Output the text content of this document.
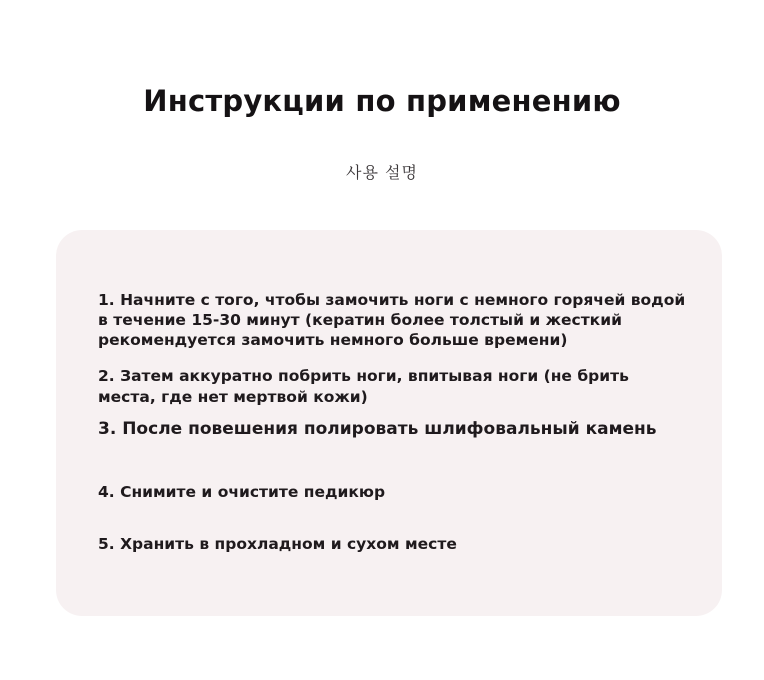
Инструкции по применению
사용 설명

1. Начните с того, чтобы замочить ноги с немного горячей водой в течение 15-30 минут (кератин более толстый и жесткий рекомендуется замочить немного больше времени)

2. Затем аккуратно побрить ноги, впитывая ноги (не брить места, где нет мертвой кожи)

3. После повешения полировать шлифовальный камень

4. Снимите и очистите педикюр

5. Хранить в прохладном и сухом месте
